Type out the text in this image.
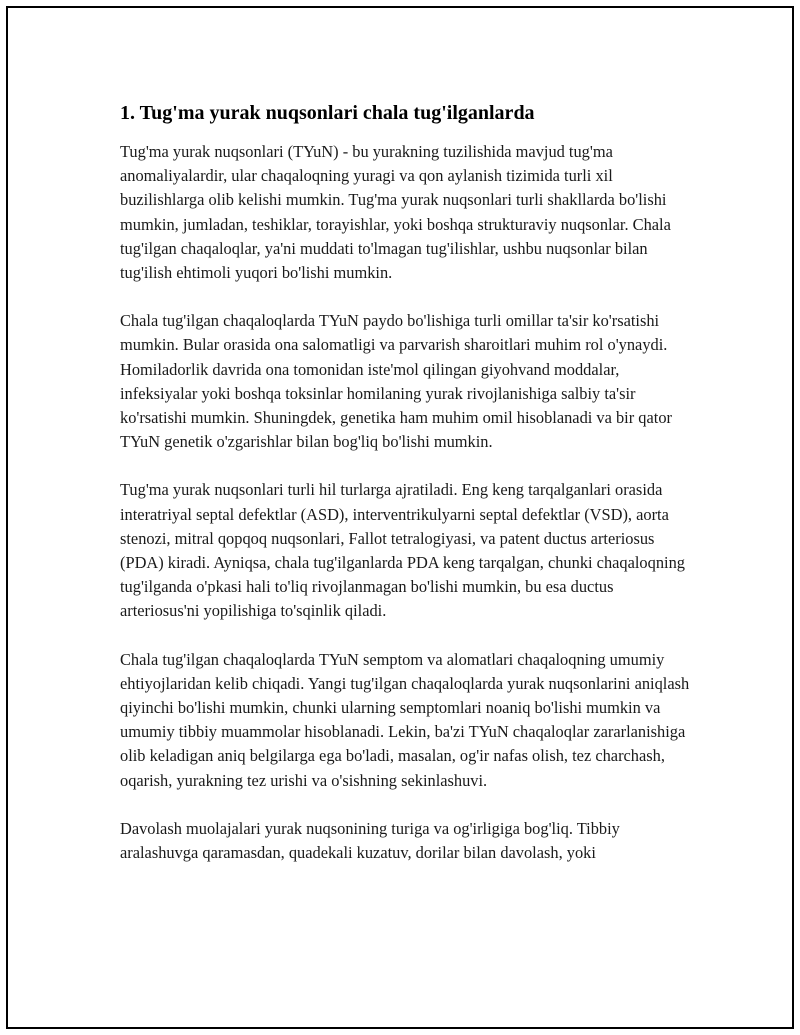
1. Tug'ma yurak nuqsonlari chala tug'ilganlarda

Tug'ma yurak nuqsonlari (TYuN) - bu yurakning tuzilishida mavjud tug'ma anomaliyalardir, ular chaqaloqning yuragi va qon aylanish tizimida turli xil buzilishlarga olib kelishi mumkin. Tug'ma yurak nuqsonlari turli shakllarda bo'lishi mumkin, jumladan, teshiklar, torayishlar, yoki boshqa strukturaviy nuqsonlar. Chala tug'ilgan chaqaloqlar, ya'ni muddati to'lmagan tug'ilishlar, ushbu nuqsonlar bilan tug'ilish ehtimoli yuqori bo'lishi mumkin.

Chala tug'ilgan chaqaloqlarda TYuN paydo bo'lishiga turli omillar ta'sir ko'rsatishi mumkin. Bular orasida ona salomatligi va parvarish sharoitlari muhim rol o'ynaydi. Homiladorlik davrida ona tomonidan iste'mol qilingan giyohvand moddalar, infeksiyalar yoki boshqa toksinlar homilaning yurak rivojlanishiga salbiy ta'sir ko'rsatishi mumkin. Shuningdek, genetika ham muhim omil hisoblanadi va bir qator TYuN genetik o'zgarishlar bilan bog'liq bo'lishi mumkin.

Tug'ma yurak nuqsonlari turli hil turlarga ajratiladi. Eng keng tarqalganlari orasida interatriyal septal defektlar (ASD), interventrikulyarni septal defektlar (VSD), aorta stenozi, mitral qopqoq nuqsonlari, Fallot tetralogiyasi, va patent ductus arteriosus (PDA) kiradi. Ayniqsa, chala tug'ilganlarda PDA keng tarqalgan, chunki chaqaloqning tug'ilganda o'pkasi hali to'liq rivojlanmagan bo'lishi mumkin, bu esa ductus arteriosus'ni yopilishiga to'sqinlik qiladi.

Chala tug'ilgan chaqaloqlarda TYuN semptom va alomatlari chaqaloqning umumiy ehtiyojlaridan kelib chiqadi. Yangi tug'ilgan chaqaloqlarda yurak nuqsonlarini aniqlash qiyinchi bo'lishi mumkin, chunki ularning semptomlari noaniq bo'lishi mumkin va umumiy tibbiy muammolar hisoblanadi. Lekin, ba'zi TYuN chaqaloqlar zararlanishiga olib keladigan aniq belgilarga ega bo'ladi, masalan, og'ir nafas olish, tez charchash, oqarish, yurakning tez urishi va o'sishning sekinlashuvi.

Davolash muolajalari yurak nuqsonining turiga va og'irligiga bog'liq. Tibbiy aralashuvga qaramasdan, quadekali kuzatuv, dorilar bilan davolash, yoki
